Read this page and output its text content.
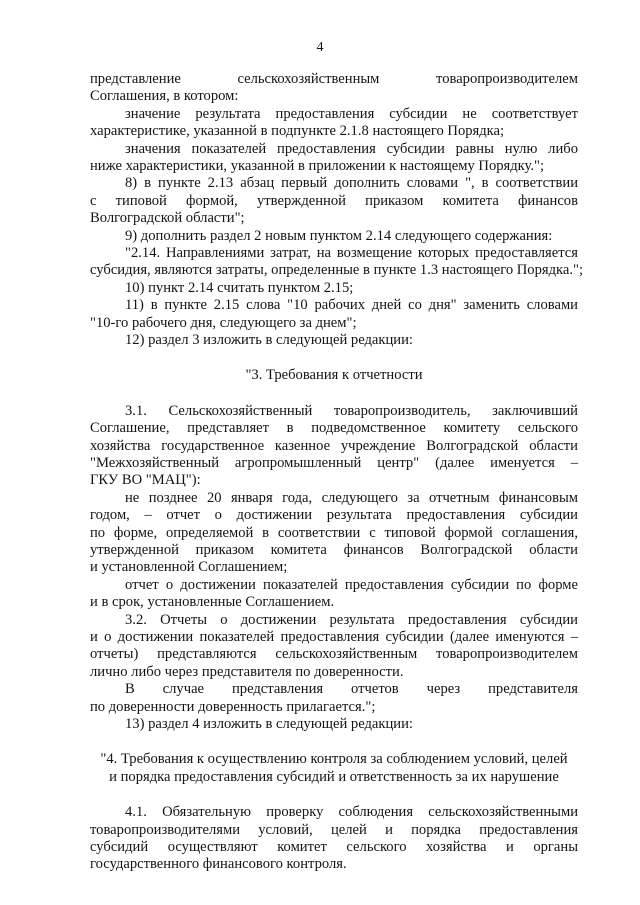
4
представление сельскохозяйственным товаропроизводителем
Соглашения, в котором:
значение результата предоставления субсидии не соответствует
характеристике, указанной в подпункте 2.1.8 настоящего Порядка;
значения показателей предоставления субсидии равны нулю либо
ниже характеристики, указанной в приложении к настоящему Порядку.";
8) в пункте 2.13 абзац первый дополнить словами ", в соответствии
с типовой формой, утвержденной приказом комитета финансов
Волгоградской области";
9) дополнить раздел 2 новым пунктом 2.14 следующего содержания:
"2.14. Направлениями затрат, на возмещение которых предоставляется
субсидия, являются затраты, определенные в пункте 1.3 настоящего Порядка.";
10) пункт 2.14 считать пунктом 2.15;
11) в пункте 2.15 слова "10 рабочих дней со дня" заменить словами
"10-го рабочего дня, следующего за днем";
12) раздел 3 изложить в следующей редакции:
"3. Требования к отчетности
3.1. Сельскохозяйственный товаропроизводитель, заключивший
Соглашение, представляет в подведомственное комитету сельского
хозяйства государственное казенное учреждение Волгоградской области
"Межхозяйственный агропромышленный центр" (далее именуется –
ГКУ ВО "МАЦ"):
не позднее 20 января года, следующего за отчетным финансовым
годом, – отчет о достижении результата предоставления субсидии
по форме, определяемой в соответствии с типовой формой соглашения,
утвержденной приказом комитета финансов Волгоградской области
и установленной Соглашением;
отчет о достижении показателей предоставления субсидии по форме
и в срок, установленные Соглашением.
3.2. Отчеты о достижении результата предоставления субсидии
и о достижении показателей предоставления субсидии (далее именуются –
отчеты) представляются сельскохозяйственным товаропроизводителем
лично либо через представителя по доверенности.
В случае представления отчетов через представителя
по доверенности доверенность прилагается.";
13) раздел 4 изложить в следующей редакции:
"4. Требования к осуществлению контроля за соблюдением условий, целей
и порядка предоставления субсидий и ответственность за их нарушение
4.1. Обязательную проверку соблюдения сельскохозяйственными
товаропроизводителями условий, целей и порядка предоставления
субсидий осуществляют комитет сельского хозяйства и органы
государственного финансового контроля.
